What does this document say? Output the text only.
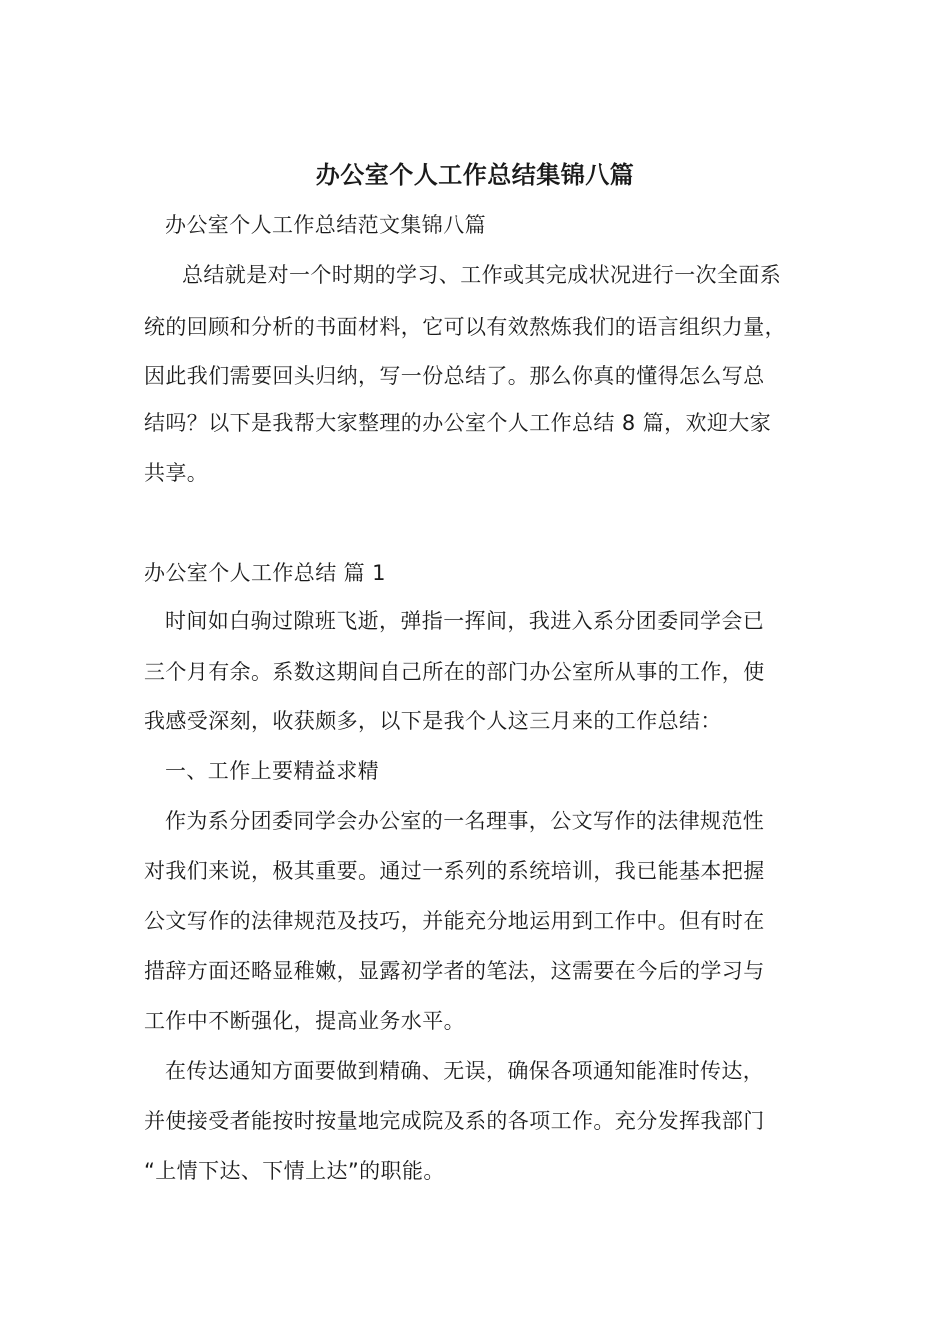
办公室个人工作总结集锦八篇
办公室个人工作总结范文集锦八篇
总结就是对一个时期的学习、工作或其完成状况进行一次全面系
统的回顾和分析的书面材料，它可以有效熬炼我们的语言组织力量，
因此我们需要回头归纳，写一份总结了。那么你真的懂得怎么写总
结吗？以下是我帮大家整理的办公室个人工作总结 8 篇，欢迎大家
共享。
办公室个人工作总结 篇 1
时间如白驹过隙班飞逝，弹指一挥间，我进入系分团委同学会已
三个月有余。系数这期间自己所在的部门办公室所从事的工作，使
我感受深刻，收获颇多，以下是我个人这三月来的工作总结：
一、工作上要精益求精
作为系分团委同学会办公室的一名理事，公文写作的法律规范性
对我们来说，极其重要。通过一系列的系统培训，我已能基本把握
公文写作的法律规范及技巧，并能充分地运用到工作中。但有时在
措辞方面还略显稚嫩，显露初学者的笔法，这需要在今后的学习与
工作中不断强化，提高业务水平。
在传达通知方面要做到精确、无误，确保各项通知能准时传达，
并使接受者能按时按量地完成院及系的各项工作。充分发挥我部门
“上情下达、下情上达”的职能。
